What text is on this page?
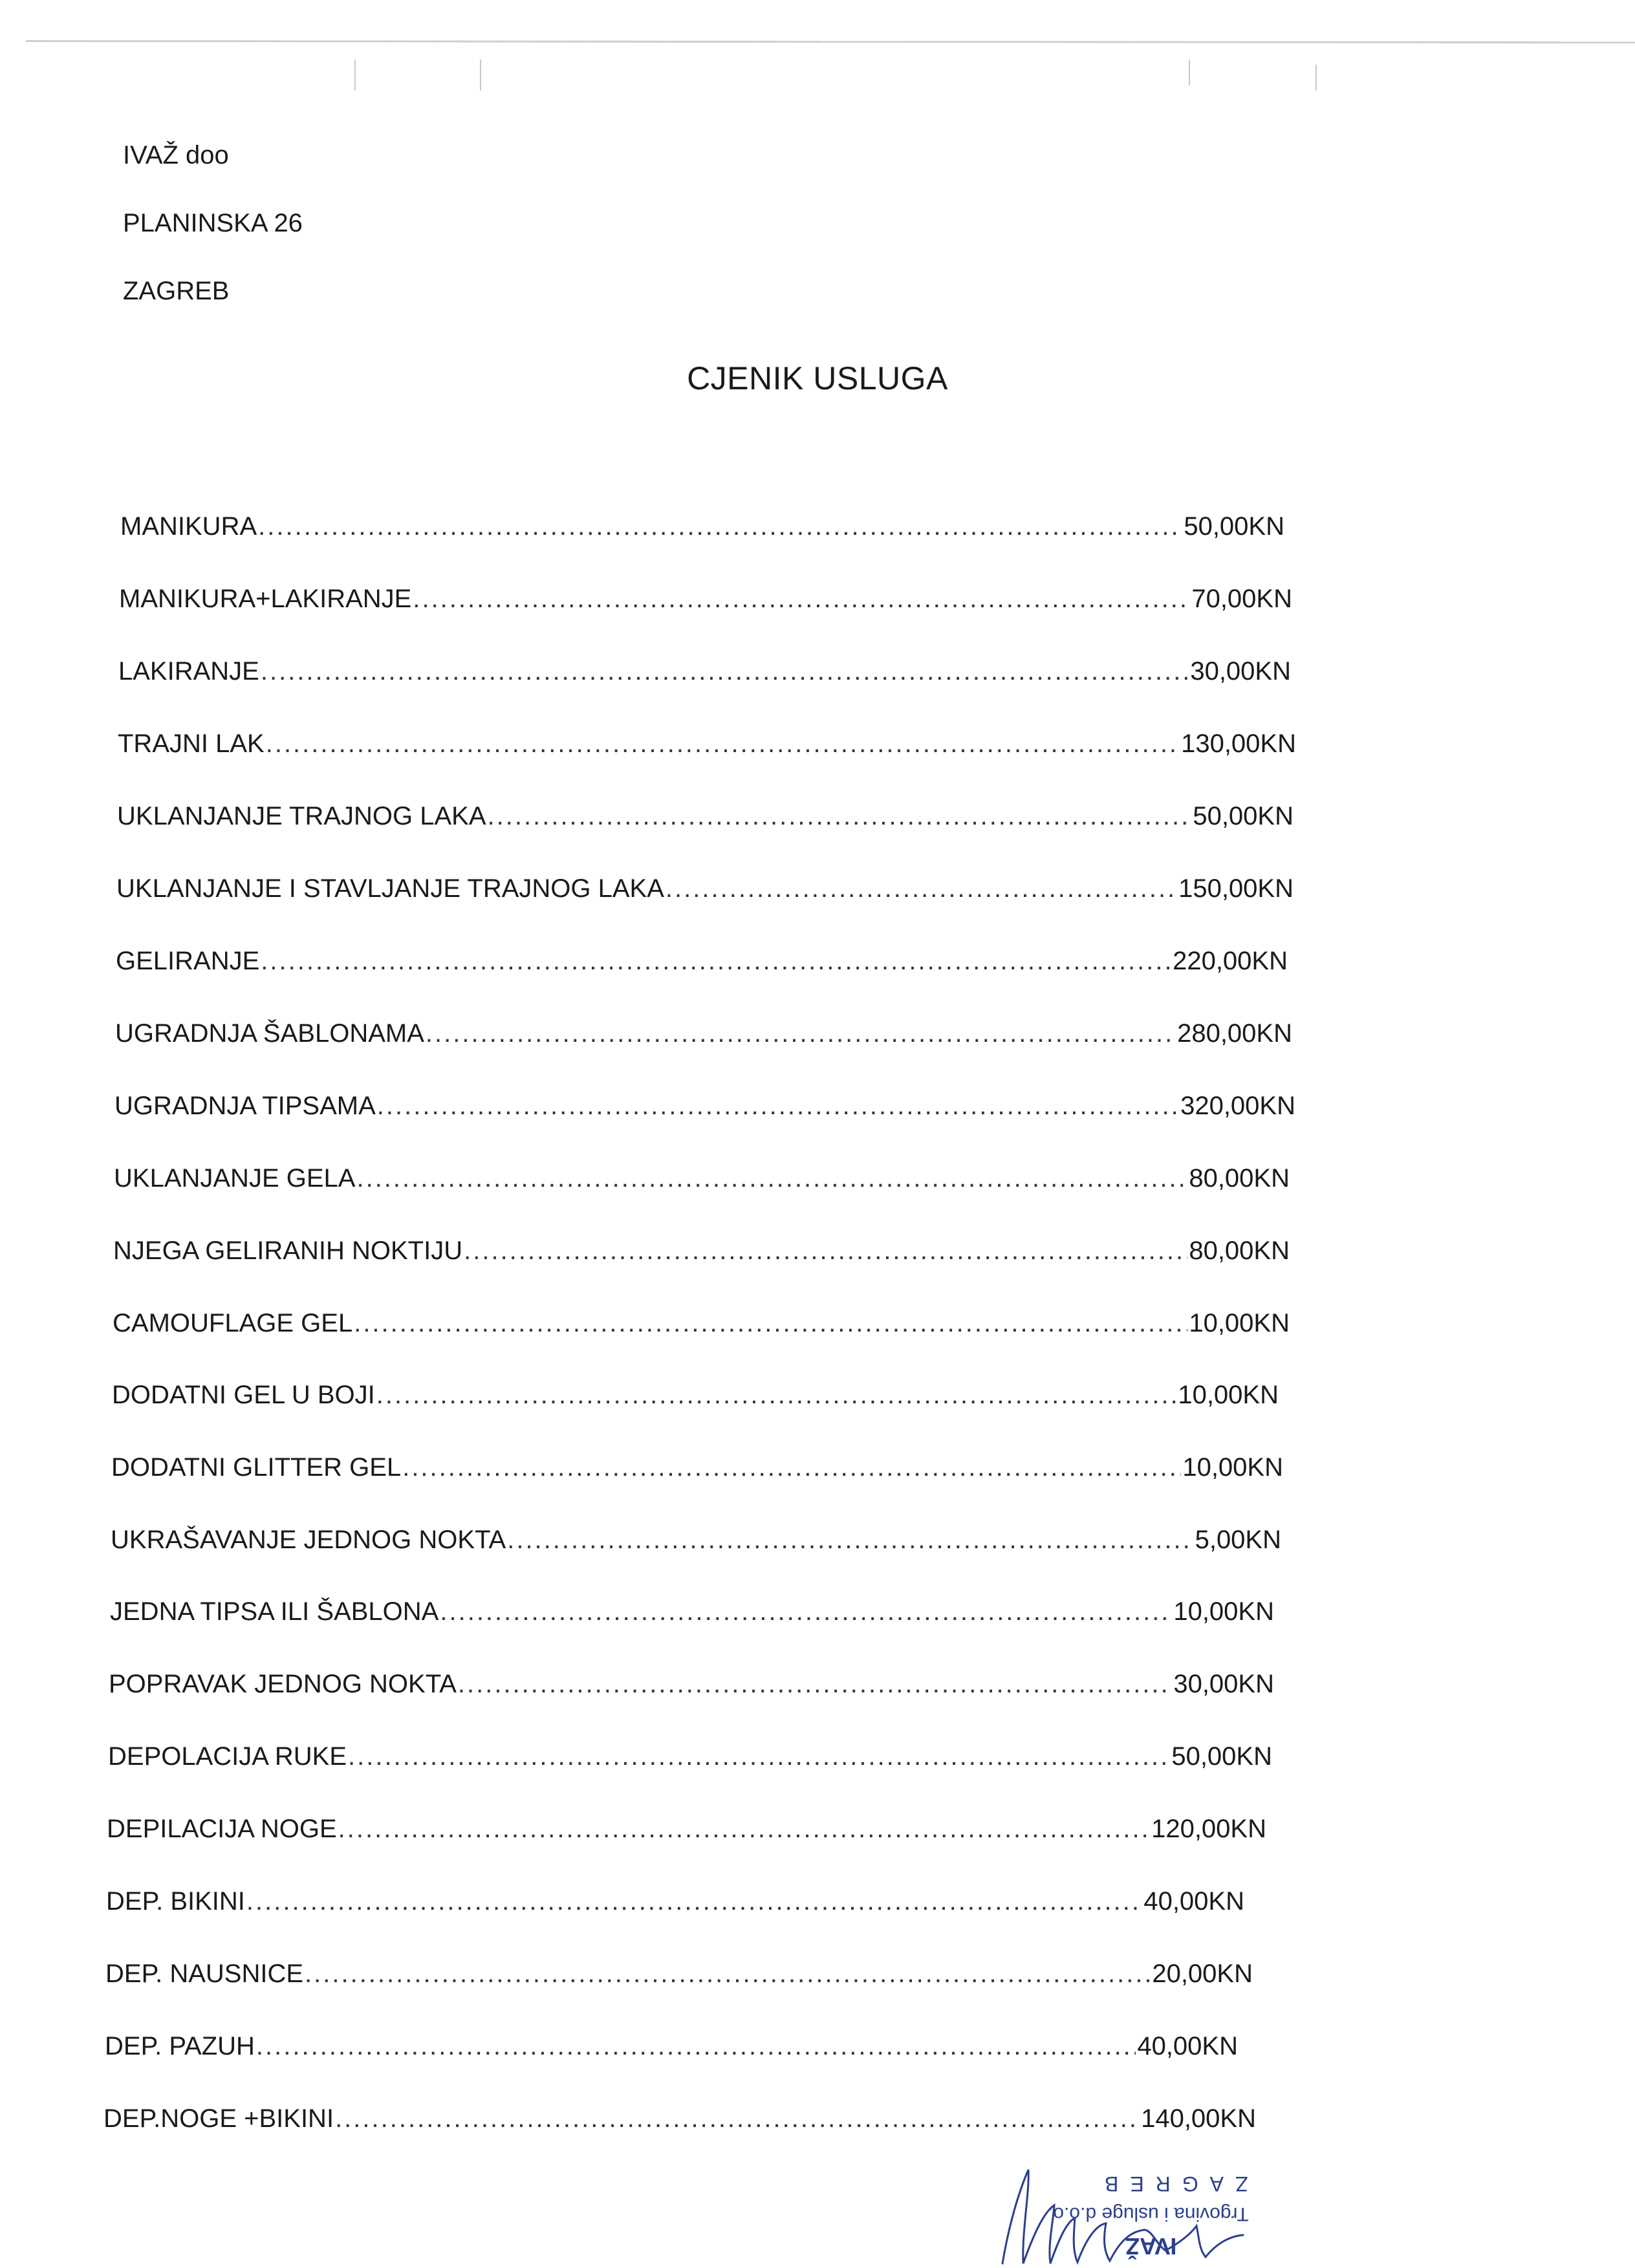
IVAŽ doo
PLANINSKA 26
ZAGREB
CJENIK USLUGA
MANIKURA .....	50,00KN
MANIKURA+LAKIRANJE .....	70,00KN
LAKIRANJE .....	30,00KN
TRAJNI LAK .....	130,00KN
UKLANJANJE TRAJNOG LAKA .....	50,00KN
UKLANJANJE I STAVLJANJE TRAJNOG LAKA .....	150,00KN
GELIRANJE .....	220,00KN
UGRADNJA ŠABLONAMA .....	280,00KN
UGRADNJA TIPSAMA .....	320,00KN
UKLANJANJE GELA .....	80,00KN
NJEGA GELIRANIH NOKTIJU .....	80,00KN
CAMOUFLAGE GEL .....	10,00KN
DODATNI GEL U BOJI .....	10,00KN
DODATNI GLITTER GEL .....	10,00KN
UKRAŠAVANJE JEDNOG NOKTA .....	5,00KN
JEDNA TIPSA ILI ŠABLONA .....	10,00KN
POPRAVAK JEDNOG NOKTA .....	30,00KN
DEPOLACIJA RUKE .....	50,00KN
DEPILACIJA NOGE .....	120,00KN
DEP. BIKINI .....	40,00KN
DEP. NAUSNICE .....	20,00KN
DEP. PAZUH .....	40,00KN
DEP.NOGE +BIKINI .....	140,00KN
ZAGREB
Trgovina i usluge d.o.o.
IVAŽ
